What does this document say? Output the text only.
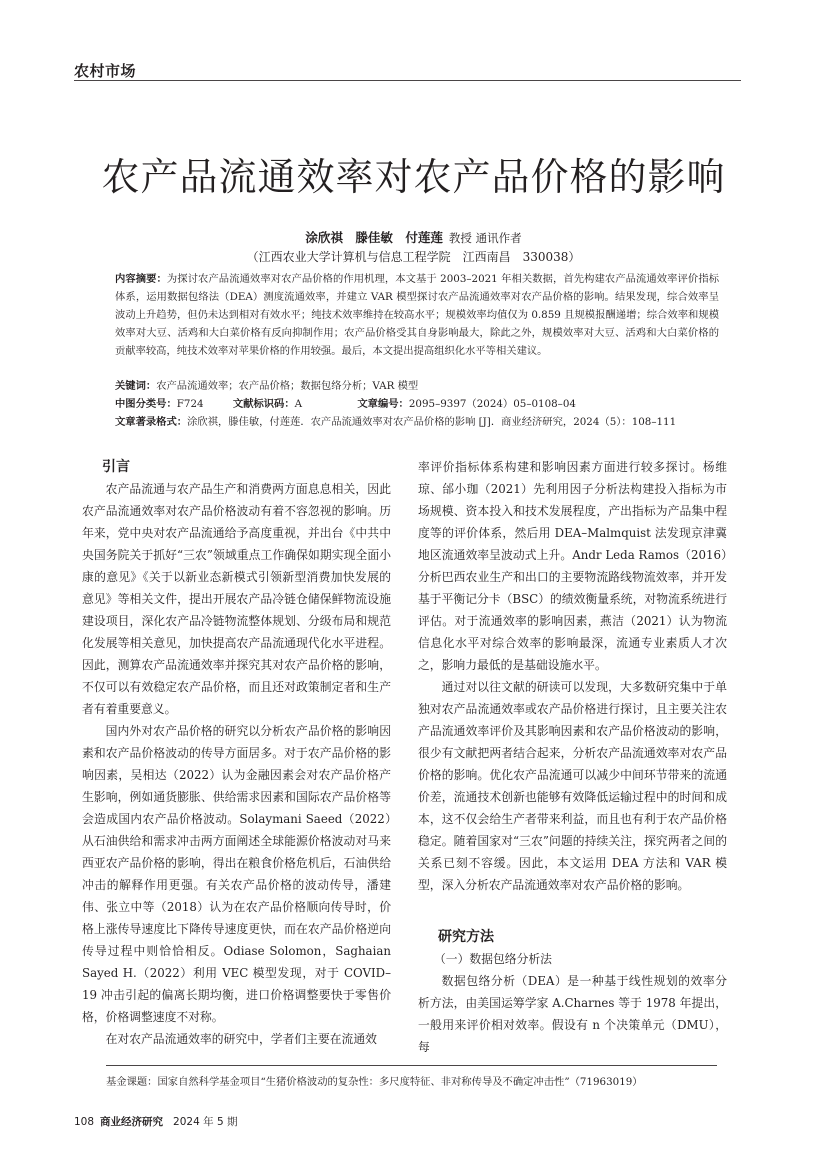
农村市场
农产品流通效率对农产品价格的影响
涂欣祺　滕佳敏　付莲莲 教授 通讯作者
（江西农业大学计算机与信息工程学院　江西南昌　330038）
内容摘要：为探讨农产品流通效率对农产品价格的作用机理，本文基于 2003–2021 年相关数据，首先构建农产品流通效率评价指标体系，运用数据包络法（DEA）测度流通效率，并建立 VAR 模型探讨农产品流通效率对农产品价格的影响。结果发现，综合效率呈波动上升趋势，但仍未达到相对有效水平；纯技术效率维持在较高水平；规模效率均值仅为 0.859 且规模报酬递增；综合效率和规模效率对大豆、活鸡和大白菜价格有反向抑制作用；农产品价格受其自身影响最大，除此之外，规模效率对大豆、活鸡和大白菜价格的贡献率较高，纯技术效率对苹果价格的作用较强。最后，本文提出提高组织化水平等相关建议。
关键词：农产品流通效率；农产品价格；数据包络分析；VAR 模型
中图分类号：F724	文献标识码：A	文章编号：2095–9397（2024）05–0108–04
文章著录格式：涂欣祺，滕佳敏，付莲莲．农产品流通效率对农产品价格的影响 [J]．商业经济研究，2024（5）：108–111
引言

农产品流通与农产品生产和消费两方面息息相关，因此农产品流通效率对农产品价格波动有着不容忽视的影响。历年来，党中央对农产品流通给予高度重视，并出台《中共中央国务院关于抓好“三农”领域重点工作确保如期实现全面小康的意见》《关于以新业态新模式引领新型消费加快发展的意见》等相关文件，提出开展农产品冷链仓储保鲜物流设施建设项目，深化农产品冷链物流整体规划、分级布局和规范化发展等相关意见，加快提高农产品流通现代化水平进程。因此，测算农产品流通效率并探究其对农产品价格的影响，不仅可以有效稳定农产品价格，而且还对政策制定者和生产者有着重要意义。

国内外对农产品价格的研究以分析农产品价格的影响因素和农产品价格波动的传导方面居多。对于农产品价格的影响因素，吴相达（2022）认为金融因素会对农产品价格产生影响，例如通货膨胀、供给需求因素和国际农产品价格等会造成国内农产品价格波动。Solaymani Saeed（2022）从石油供给和需求冲击两方面阐述全球能源价格波动对马来西亚农产品价格的影响，得出在粮食价格危机后，石油供给冲击的解释作用更强。有关农产品价格的波动传导，潘建伟、张立中等（2018）认为在农产品价格顺向传导时，价格上涨传导速度比下降传导速度更快，而在农产品价格逆向传导过程中则恰恰相反。Odiase Solomon，Saghaian Sayed H.（2022）利用 VEC 模型发现，对于 COVID–19 冲击引起的偏离长期均衡，进口价格调整要快于零售价格，价格调整速度不对称。

在对农产品流通效率的研究中，学者们主要在流通效

率评价指标体系构建和影响因素方面进行较多探讨。杨维琼、邰小珈（2021）先利用因子分析法构建投入指标为市场规模、资本投入和技术发展程度，产出指标为产品集中程度等的评价体系，然后用 DEA–Malmquist 法发现京津冀地区流通效率呈波动式上升。Andr Leda Ramos（2016）分析巴西农业生产和出口的主要物流路线物流效率，并开发基于平衡记分卡（BSC）的绩效衡量系统，对物流系统进行评估。对于流通效率的影响因素，燕洁（2021）认为物流信息化水平对综合效率的影响最深，流通专业素质人才次之，影响力最低的是基础设施水平。

通过对以往文献的研读可以发现，大多数研究集中于单独对农产品流通效率或农产品价格进行探讨，且主要关注农产品流通效率评价及其影响因素和农产品价格波动的影响，很少有文献把两者结合起来，分析农产品流通效率对农产品价格的影响。优化农产品流通可以减少中间环节带来的流通价差，流通技术创新也能够有效降低运输过程中的时间和成本，这不仅会给生产者带来利益，而且也有利于农产品价格稳定。随着国家对“三农”问题的持续关注，探究两者之间的关系已刻不容缓。因此，本文运用 DEA 方法和 VAR 模型，深入分析农产品流通效率对农产品价格的影响。

研究方法
（一）数据包络分析法

数据包络分析（DEA）是一种基于线性规划的效率分析方法，由美国运筹学家 A.Charnes 等于 1978 年提出，一般用来评价相对效率。假设有 n 个决策单元（DMU），每

基金课题：国家自然科学基金项目“生猪价格波动的复杂性：多尺度特征、非对称传导及不确定冲击性”（71963019）
108 商业经济研究 2024 年 5 期
